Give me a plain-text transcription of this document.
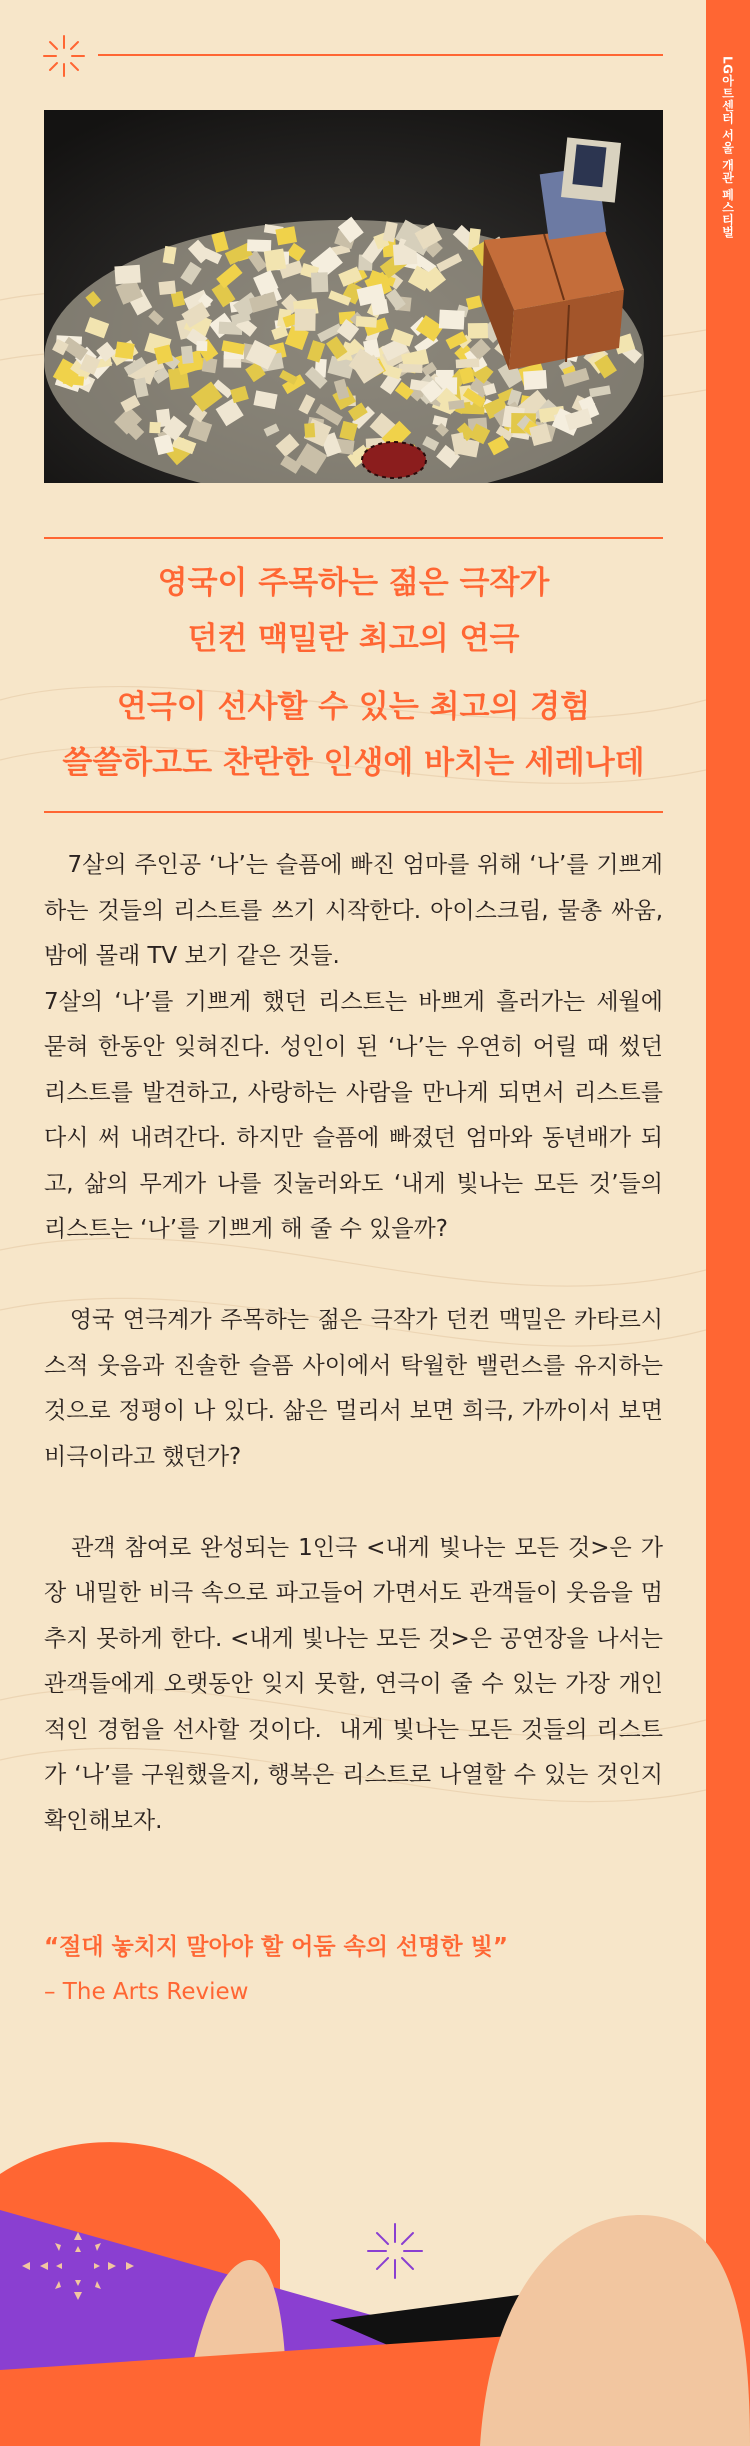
LG아트센터 서울 개관 페스티벌
영국이 주목하는 젊은 극작가
던컨 맥밀란 최고의 연극
연극이 선사할 수 있는 최고의 경험
쓸쓸하고도 찬란한 인생에 바치는 세레나데

7살의 주인공 ‘나’는 슬픔에 빠진 엄마를 위해 ‘나’를 기쁘게 하는 것들의 리스트를 쓰기 시작한다. 아이스크림, 물총 싸움, 밤에 몰래 TV 보기 같은 것들.

7살의 ‘나’를 기쁘게 했던 리스트는 바쁘게 흘러가는 세월에 묻혀 한동안 잊혀진다. 성인이 된 ‘나’는 우연히 어릴 때 썼던 리스트를 발견하고, 사랑하는 사람을 만나게 되면서 리스트를 다시 써 내려간다. 하지만 슬픔에 빠졌던 엄마와 동년배가 되고, 삶의 무게가 나를 짓눌러와도 ‘내게 빛나는 모든 것’들의 리스트는 ‘나’를 기쁘게 해 줄 수 있을까?

영국 연극계가 주목하는 젊은 극작가 던컨 맥밀은 카타르시스적 웃음과 진솔한 슬픔 사이에서 탁월한 밸런스를 유지하는 것으로 정평이 나 있다. 삶은 멀리서 보면 희극, 가까이서 보면 비극이라고 했던가?

관객 참여로 완성되는 1인극 <내게 빛나는 모든 것>은 가장 내밀한 비극 속으로 파고들어 가면서도 관객들이 웃음을 멈추지 못하게 한다. <내게 빛나는 모든 것>은 공연장을 나서는 관객들에게 오랫동안 잊지 못할, 연극이 줄 수 있는 가장 개인적인 경험을 선사할 것이다.  내게 빛나는 모든 것들의 리스트가 ‘나’를 구원했을지, 행복은 리스트로 나열할 수 있는 것인지 확인해보자.

“절대 놓치지 말아야 할 어둠 속의 선명한 빛”
– The Arts Review
